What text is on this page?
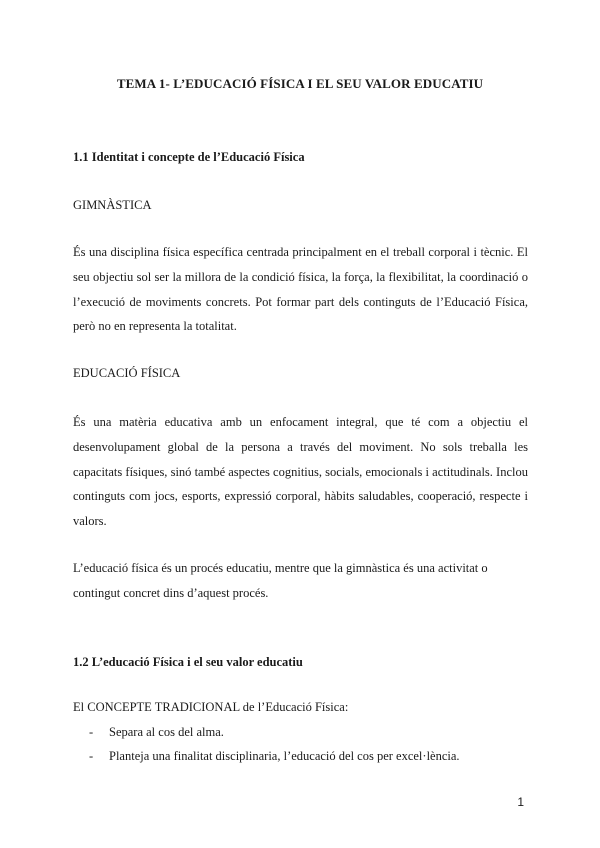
TEMA 1- L’EDUCACIÓ FÍSICA I EL SEU VALOR EDUCATIU
1.1 Identitat i concepte de l’Educació Física

GIMNÀSTICA

És una disciplina física específica centrada principalment en el treball corporal i tècnic. El seu objectiu sol ser la millora de la condició física, la força, la flexibilitat, la coordinació o l’execució de moviments concrets. Pot formar part dels continguts de l’Educació Física, però no en representa la totalitat.

EDUCACIÓ FÍSICA

És una matèria educativa amb un enfocament integral, que té com a objectiu el desenvolupament global de la persona a través del moviment. No sols treballa les capacitats físiques, sinó també aspectes cognitius, socials, emocionals i actitudinals. Inclou continguts com jocs, esports, expressió corporal, hàbits saludables, cooperació, respecte i valors.

L’educació física és un procés educatiu, mentre que la gimnàstica és una activitat o contingut concret dins d’aquest procés.

1.2 L’educació Física i el seu valor educatiu

El CONCEPTE TRADICIONAL de l’Educació Física:

- Separa al cos del alma.
- Planteja una finalitat disciplinaria, l’educació del cos per excel·lència.

1
